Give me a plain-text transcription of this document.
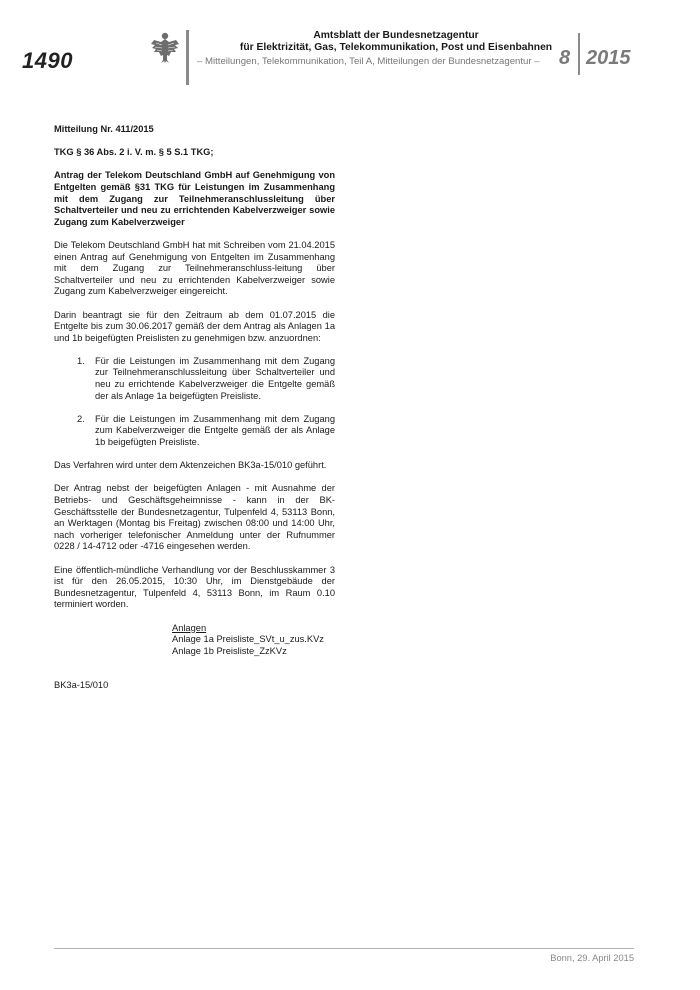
1490
Amtsblatt der Bundesnetzagentur
für Elektrizität, Gas, Telekommunikation, Post und Eisenbahnen
– Mitteilungen, Telekommunikation, Teil A, Mitteilungen der Bundesnetzagentur – 8 2015

Mitteilung Nr. 411/2015

TKG § 36 Abs. 2 i. V. m. § 5 S.1 TKG;

Antrag der Telekom Deutschland GmbH auf Genehmigung von Entgelten gemäß §31 TKG für Leistungen im Zusammenhang mit dem Zugang zur Teilnehmeranschlussleitung über Schaltverteiler und neu zu errichtenden Kabelverzweiger sowie Zugang zum Kabelverzweiger

Die Telekom Deutschland GmbH hat mit Schreiben vom 21.04.2015 einen Antrag auf Genehmigung von Entgelten im Zusammenhang mit dem Zugang zur Teilnehmeranschluss-leitung über Schaltverteiler und neu zu errichtenden Kabelverzweiger sowie Zugang zum Kabelverzweiger eingereicht.

Darin beantragt sie für den Zeitraum ab dem 01.07.2015 die Entgelte bis zum 30.06.2017 gemäß der dem Antrag als Anlagen 1a und 1b beigefügten Preislisten zu genehmigen bzw. anzuordnen:

1. Für die Leistungen im Zusammenhang mit dem Zugang zur Teilnehmeranschlussleitung über Schaltverteiler und neu zu errichtende Kabelverzweiger die Entgelte gemäß der als Anlage 1a beigefügten Preisliste.
2. Für die Leistungen im Zusammenhang mit dem Zugang zum Kabelverzweiger die Entgelte gemäß der als Anlage 1b beigefügten Preisliste.

Das Verfahren wird unter dem Aktenzeichen BK3a-15/010 geführt.

Der Antrag nebst der beigefügten Anlagen - mit Ausnahme der Betriebs- und Geschäftsgeheimnisse - kann in der BK-Geschäftsstelle der Bundesnetzagentur, Tulpenfeld 4, 53113 Bonn, an Werktagen (Montag bis Freitag) zwischen 08:00 und 14:00 Uhr, nach vorheriger telefonischer Anmeldung unter der Rufnummer 0228 / 14-4712 oder -4716 eingesehen werden.

Eine öffentlich-mündliche Verhandlung vor der Beschlusskammer 3 ist für den 26.05.2015, 10:30 Uhr, im Dienstgebäude der Bundesnetzagentur, Tulpenfeld 4, 53113 Bonn, im Raum 0.10 terminiert worden.

Anlagen
Anlage 1a Preisliste_SVt_u_zus.KVz
Anlage 1b Preisliste_ZzKVz
BK3a-15/010
Bonn, 29. April 2015
